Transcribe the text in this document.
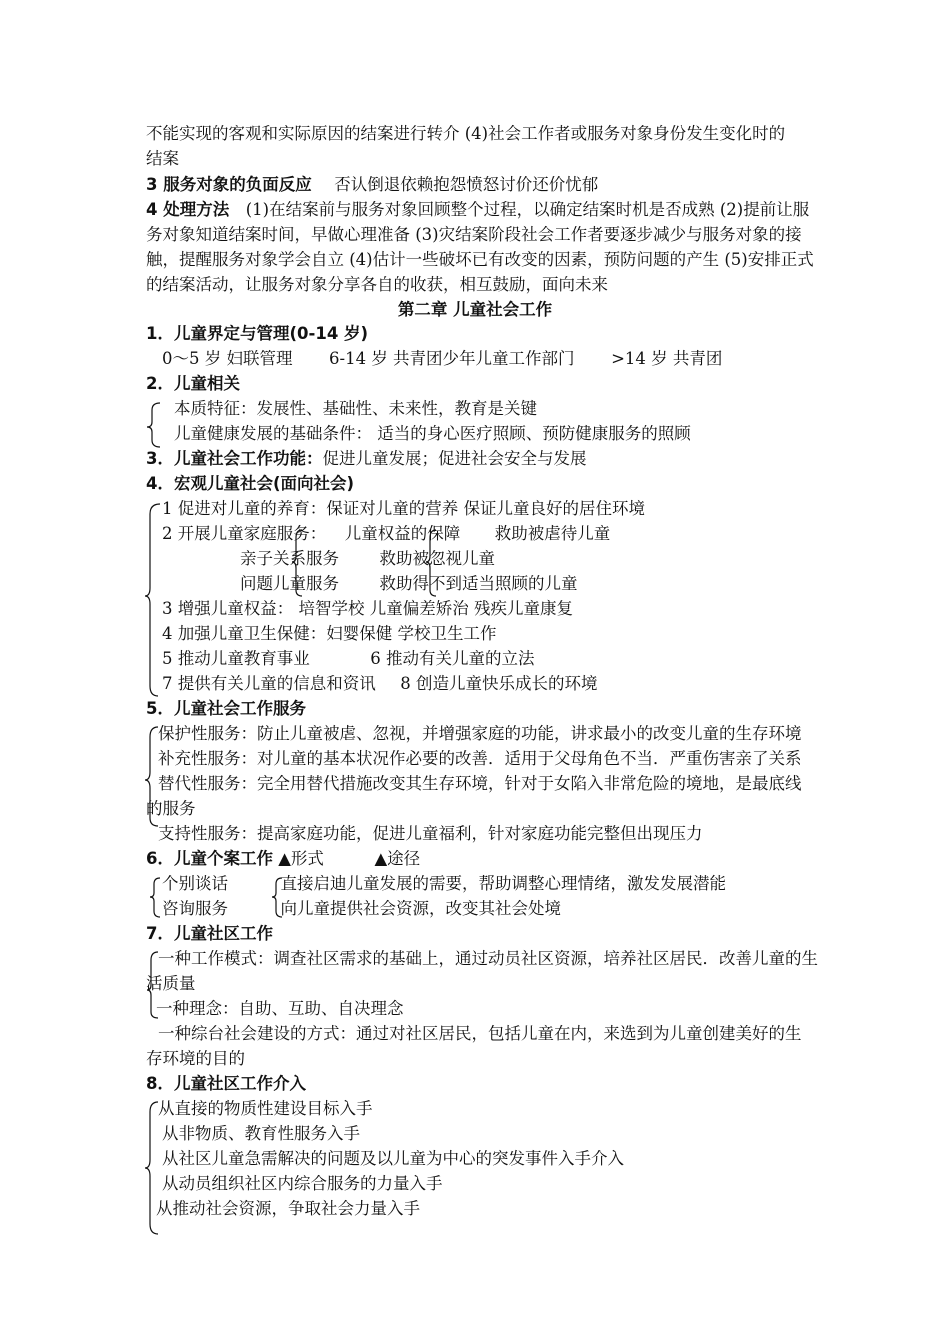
不能实现的客观和实际原因的结案进行转介 (4)社会工作者或服务对象身份发生变化时的
结案
3 服务对象的负面反应 否认倒退依赖抱怨愤怒讨价还价忧郁
4 处理方法 (1)在结案前与服务对象回顾整个过程，以确定结案时机是否成熟 (2)提前让服
务对象知道结案时间，早做心理准备 (3)灾结案阶段社会工作者要逐步减少与服务对象的接
触，提醒服务对象学会自立 (4)估计一些破坏已有改变的因素，预防问题的产生 (5)安排正式
的结案活动，让服务对象分享各自的收获，相互鼓励，面向未来
第二章 儿童社会工作
1．儿童界定与管理(0-14 岁)
0～5 岁 妇联管理 6-14 岁 共青团少年儿童工作部门 >14 岁 共青团
2．儿童相关
本质特征：发展性、基础性、未来性，教育是关键
儿童健康发展的基础条件： 适当的身心医疗照顾、预防健康服务的照顾
3．儿童社会工作功能：促进儿童发展；促进社会安全与发展
4．宏观儿童社会(面向社会)
1 促进对儿童的养育：保证对儿童的营养 保证儿童良好的居住环境
2 开展儿童家庭服务： 儿童权益的保障 救助被虐待儿童
亲子关系服务 救助被忽视儿童
问题儿童服务 救助得不到适当照顾的儿童
3 增强儿童权益： 培智学校 儿童偏差矫治 残疾儿童康复
4 加强儿童卫生保健：妇婴保健 学校卫生工作
5 推动儿童教育事业	6 推动有关儿童的立法
7 提供有关儿童的信息和资讯 8 创造儿童快乐成长的环境
5．儿童社会工作服务
保护性服务：防止儿童被虐、忽视，并增强家庭的功能，讲求最小的改变儿童的生存环境
补充性服务：对儿童的基本状况作必要的改善．适用于父母角色不当．严重伤害亲了关系
替代性服务：完全用替代措施改变其生存环境，针对于女陷入非常危险的境地，是最底线
的服务
支持性服务：提高家庭功能，促进儿童福利，针对家庭功能完整但出现压力
6．儿童个案工作 ▲形式	▲途径
个别谈话	直接启迪儿童发展的需要，帮助调整心理情绪，激发发展潜能
咨询服务	向儿童提供社会资源，改变其社会处境
7．儿童社区工作
一种工作模式：调查社区需求的基础上，通过动员社区资源，培养社区居民．改善儿童的生
活质量
一种理念：自助、互助、自决理念
一种综台社会建设的方式：通过对社区居民，包括儿童在内，来选到为儿童创建美好的生
存环境的目的
8．儿童社区工作介入
从直接的物质性建设目标入手
从非物质、教育性服务入手
从社区儿童急需解决的问题及以儿童为中心的突发事件入手介入
从动员组织社区内综合服务的力量入手
从推动社会资源，争取社会力量入手
